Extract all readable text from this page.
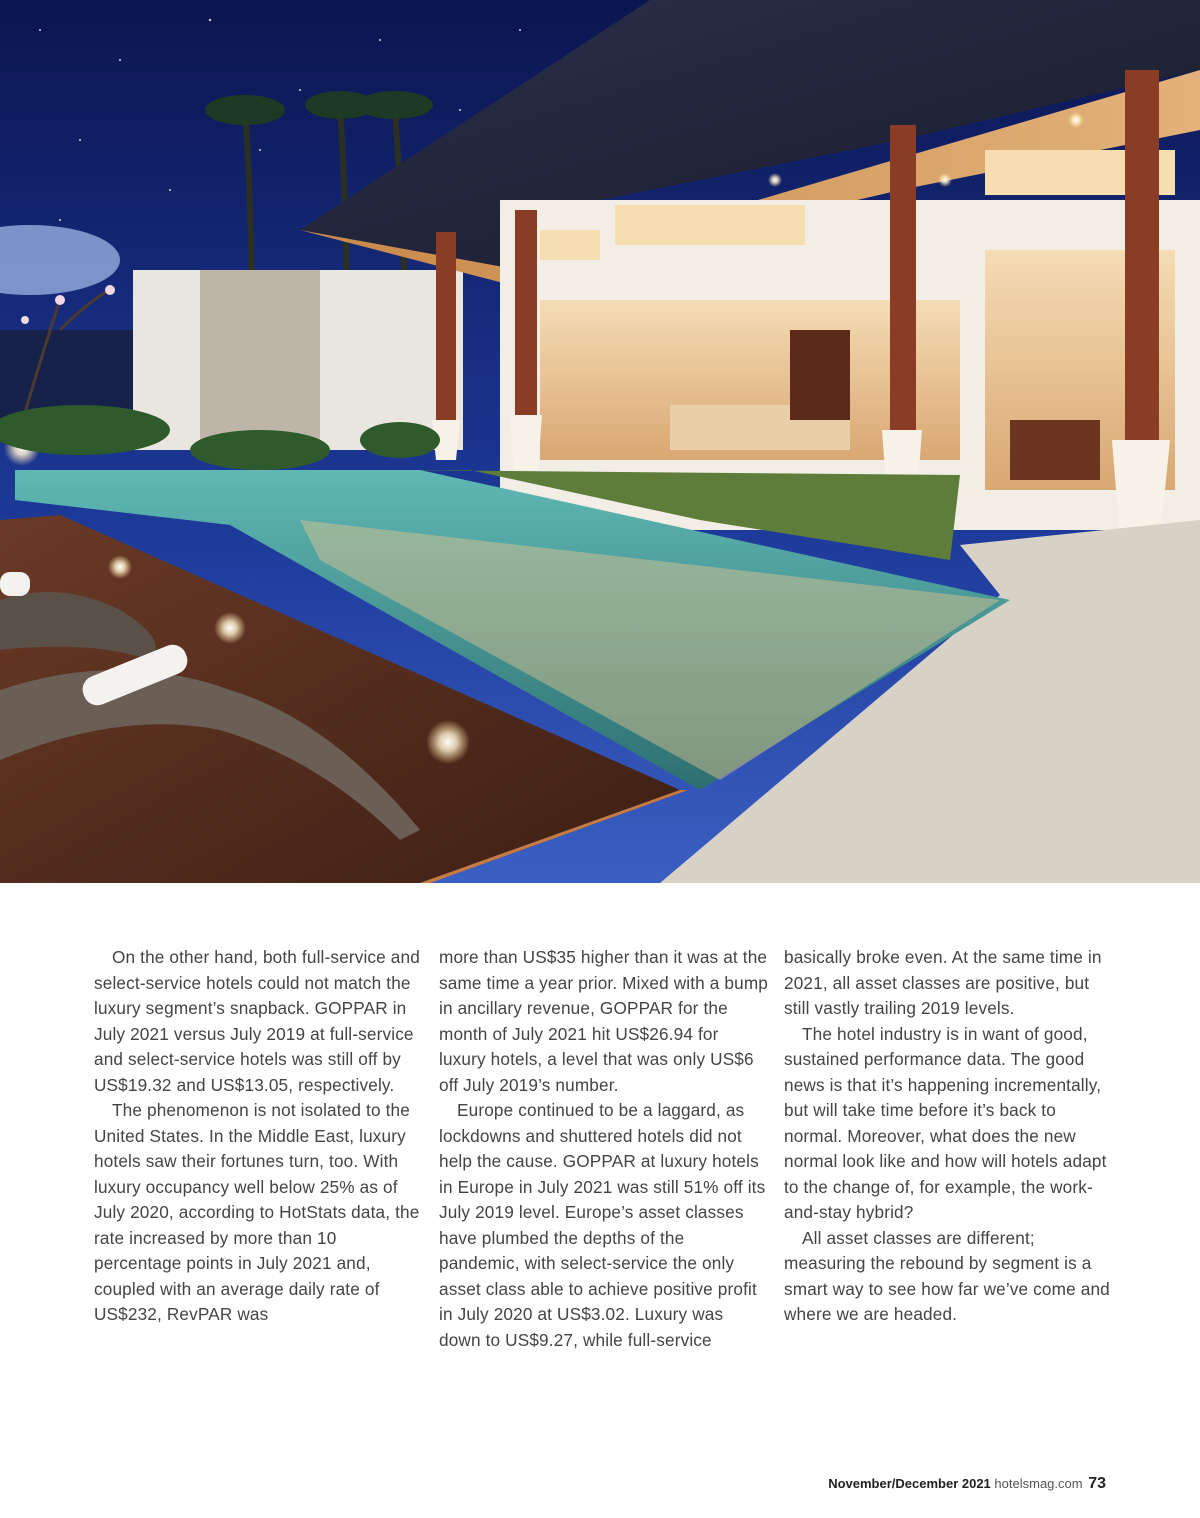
On the other hand, both full-service and select-service hotels could not match the luxury segment’s snapback. GOPPAR in July 2021 versus July 2019 at full-service and select-service hotels was still off by US$19.32 and US$13.05, respectively.

The phenomenon is not isolated to the United States. In the Middle East, luxury hotels saw their fortunes turn, too. With luxury occupancy well below 25% as of July 2020, according to HotStats data, the rate increased by more than 10 percentage points in July 2021 and, coupled with an average daily rate of US$232, RevPAR was

more than US$35 higher than it was at the same time a year prior. Mixed with a bump in ancillary revenue, GOPPAR for the month of July 2021 hit US$26.94 for luxury hotels, a level that was only US$6 off July 2019’s number.

Europe continued to be a laggard, as lockdowns and shuttered hotels did not help the cause. GOPPAR at luxury hotels in Europe in July 2021 was still 51% off its July 2019 level. Europe’s asset classes have plumbed the depths of the pandemic, with select-service the only asset class able to achieve positive profit in July 2020 at US$3.02. Luxury was down to US$9.27, while full-service

basically broke even. At the same time in 2021, all asset classes are positive, but still vastly trailing 2019 levels.

The hotel industry is in want of good, sustained performance data. The good news is that it’s happening incrementally, but will take time before it’s back to normal. Moreover, what does the new normal look like and how will hotels adapt to the change of, for example, the work-and-stay hybrid?

All asset classes are different; measuring the rebound by segment is a smart way to see how far we’ve come and where we are headed.

November/December 2021 hotelsmag.com 73
